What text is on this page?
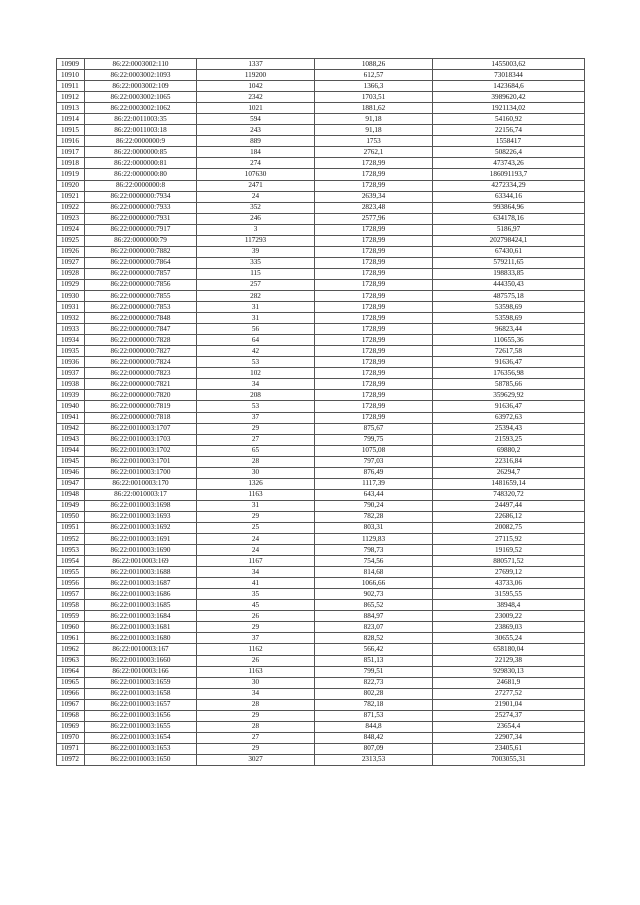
10909	86:22:0003002:110	1337	1088,26	1455003,62
10910	86:22:0003002:1093	119200	612,57	73018344
10911	86:22:0003002:109	1042	1366,3	1423684,6
10912	86:22:0003002:1065	2342	1703,51	3989620,42
10913	86:22:0003002:1062	1021	1881,62	1921134,02
10914	86:22:0011003:35	594	91,18	54160,92
10915	86:22:0011003:18	243	91,18	22156,74
10916	86:22:0000000:9	889	1753	1558417
10917	86:22:0000000:85	184	2762,1	508226,4
10918	86:22:0000000:81	274	1728,99	473743,26
10919	86:22:0000000:80	107630	1728,99	186091193,7
10920	86:22:0000000:8	2471	1728,99	4272334,29
10921	86:22:0000000:7934	24	2639,34	63344,16
10922	86:22:0000000:7933	352	2823,48	993864,96
10923	86:22:0000000:7931	246	2577,96	634178,16
10924	86:22:0000000:7917	3	1728,99	5186,97
10925	86:22:0000000:79	117293	1728,99	202798424,1
10926	86:22:0000000:7882	39	1728,99	67430,61
10927	86:22:0000000:7864	335	1728,99	579211,65
10928	86:22:0000000:7857	115	1728,99	198833,85
10929	86:22:0000000:7856	257	1728,99	444350,43
10930	86:22:0000000:7855	282	1728,99	487575,18
10931	86:22:0000000:7853	31	1728,99	53598,69
10932	86:22:0000000:7848	31	1728,99	53598,69
10933	86:22:0000000:7847	56	1728,99	96823,44
10934	86:22:0000000:7828	64	1728,99	110655,36
10935	86:22:0000000:7827	42	1728,99	72617,58
10936	86:22:0000000:7824	53	1728,99	91636,47
10937	86:22:0000000:7823	102	1728,99	176356,98
10938	86:22:0000000:7821	34	1728,99	58785,66
10939	86:22:0000000:7820	208	1728,99	359629,92
10940	86:22:0000000:7819	53	1728,99	91636,47
10941	86:22:0000000:7818	37	1728,99	63972,63
10942	86:22:0010003:1707	29	875,67	25394,43
10943	86:22:0010003:1703	27	799,75	21593,25
10944	86:22:0010003:1702	65	1075,08	69880,2
10945	86:22:0010003:1701	28	797,03	22316,84
10946	86:22:0010003:1700	30	876,49	26294,7
10947	86:22:0010003:170	1326	1117,39	1481659,14
10948	86:22:0010003:17	1163	643,44	748320,72
10949	86:22:0010003:1698	31	790,24	24497,44
10950	86:22:0010003:1693	29	782,28	22686,12
10951	86:22:0010003:1692	25	803,31	20082,75
10952	86:22:0010003:1691	24	1129,83	27115,92
10953	86:22:0010003:1690	24	798,73	19169,52
10954	86:22:0010003:169	1167	754,56	880571,52
10955	86:22:0010003:1688	34	814,68	27699,12
10956	86:22:0010003:1687	41	1066,66	43733,06
10957	86:22:0010003:1686	35	902,73	31595,55
10958	86:22:0010003:1685	45	865,52	38948,4
10959	86:22:0010003:1684	26	884,97	23009,22
10960	86:22:0010003:1681	29	823,07	23869,03
10961	86:22:0010003:1680	37	828,52	30655,24
10962	86:22:0010003:167	1162	566,42	658180,04
10963	86:22:0010003:1660	26	851,13	22129,38
10964	86:22:0010003:166	1163	799,51	929830,13
10965	86:22:0010003:1659	30	822,73	24681,9
10966	86:22:0010003:1658	34	802,28	27277,52
10967	86:22:0010003:1657	28	782,18	21901,04
10968	86:22:0010003:1656	29	871,53	25274,37
10969	86:22:0010003:1655	28	844,8	23654,4
10970	86:22:0010003:1654	27	848,42	22907,34
10971	86:22:0010003:1653	29	807,09	23405,61
10972	86:22:0010003:1650	3027	2313,53	7003055,31
